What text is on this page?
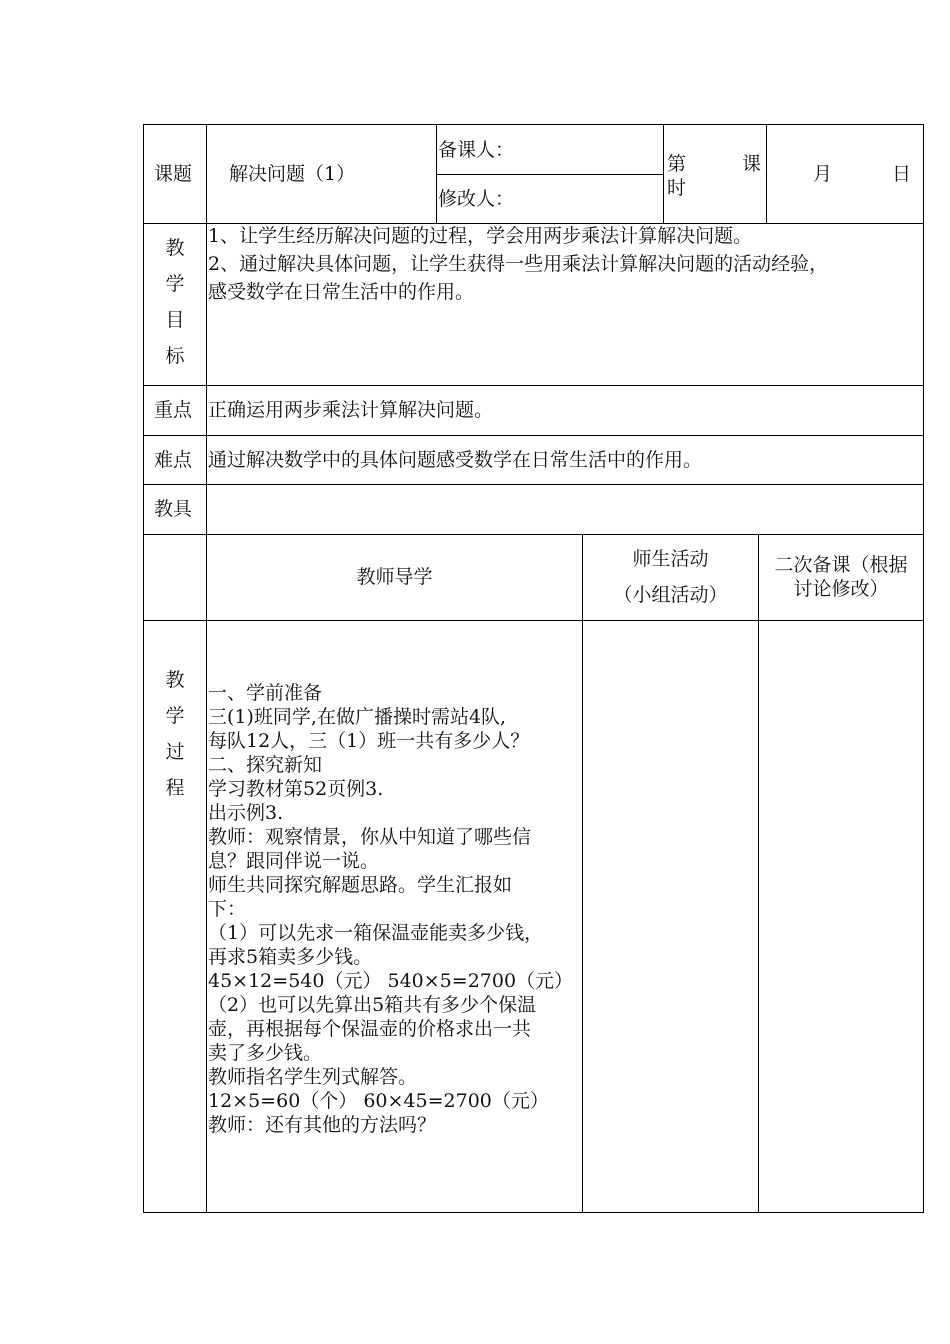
课题 解决问题（1）
备课人：
修改人：
第	课
时
月	日
教
学
目
标
1、让学生经历解决问题的过程，学会用两步乘法计算解决问题。
2、通过解决具体问题，让学生获得一些用乘法计算解决问题的活动经验，
感受数学在日常生活中的作用。
重点 正确运用两步乘法计算解决问题。
难点 通过解决数学中的具体问题感受数学在日常生活中的作用。
教具
教师导学
师生活动
（小组活动）
二次备课（根据
讨论修改）
教
学
过
程
一、学前准备
三(1)班同学,在做广播操时需站4队,
每队12人，三（1）班一共有多少人？
二、探究新知
学习教材第52页例3.
出示例3.
教师：观察情景，你从中知道了哪些信
息？跟同伴说一说。
师生共同探究解题思路。学生汇报如
下：
（1）可以先求一箱保温壶能卖多少钱，
再求5箱卖多少钱。
45×12=540（元） 540×5=2700（元）
（2）也可以先算出5箱共有多少个保温
壶，再根据每个保温壶的价格求出一共
卖了多少钱。
教师指名学生列式解答。
12×5=60（个） 60×45=2700（元）
教师：还有其他的方法吗？
